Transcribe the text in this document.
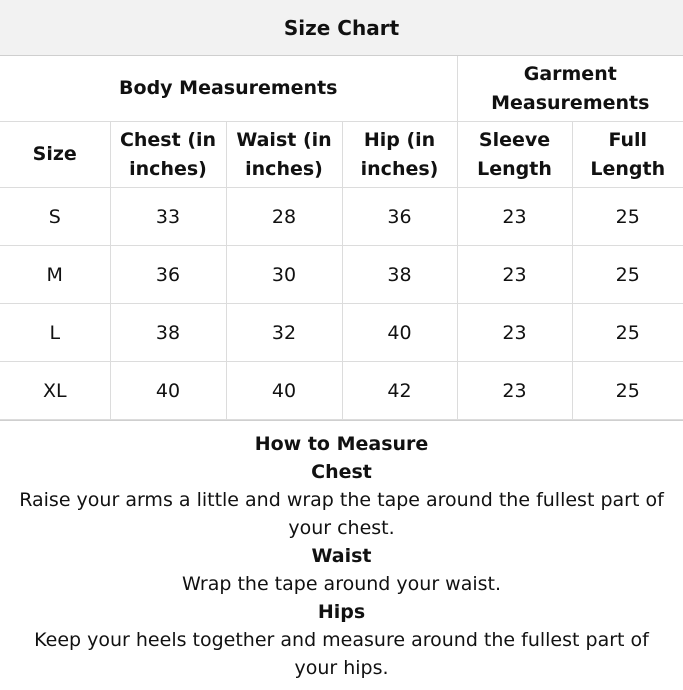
Size Chart
Body Measurements				Garment Measurements	
Size	Chest (in inches)	Waist (in inches)	Hip (in inches)	Sleeve Length	Full Length
S	33	28	36	23	25
M	36	30	38	23	25
L	38	32	40	23	25
XL	40	40	42	23	25
How to Measure
Chest
Raise your arms a little and wrap the tape around the fullest part of your chest.
Waist
Wrap the tape around your waist.
Hips
Keep your heels together and measure around the fullest part of your hips.
